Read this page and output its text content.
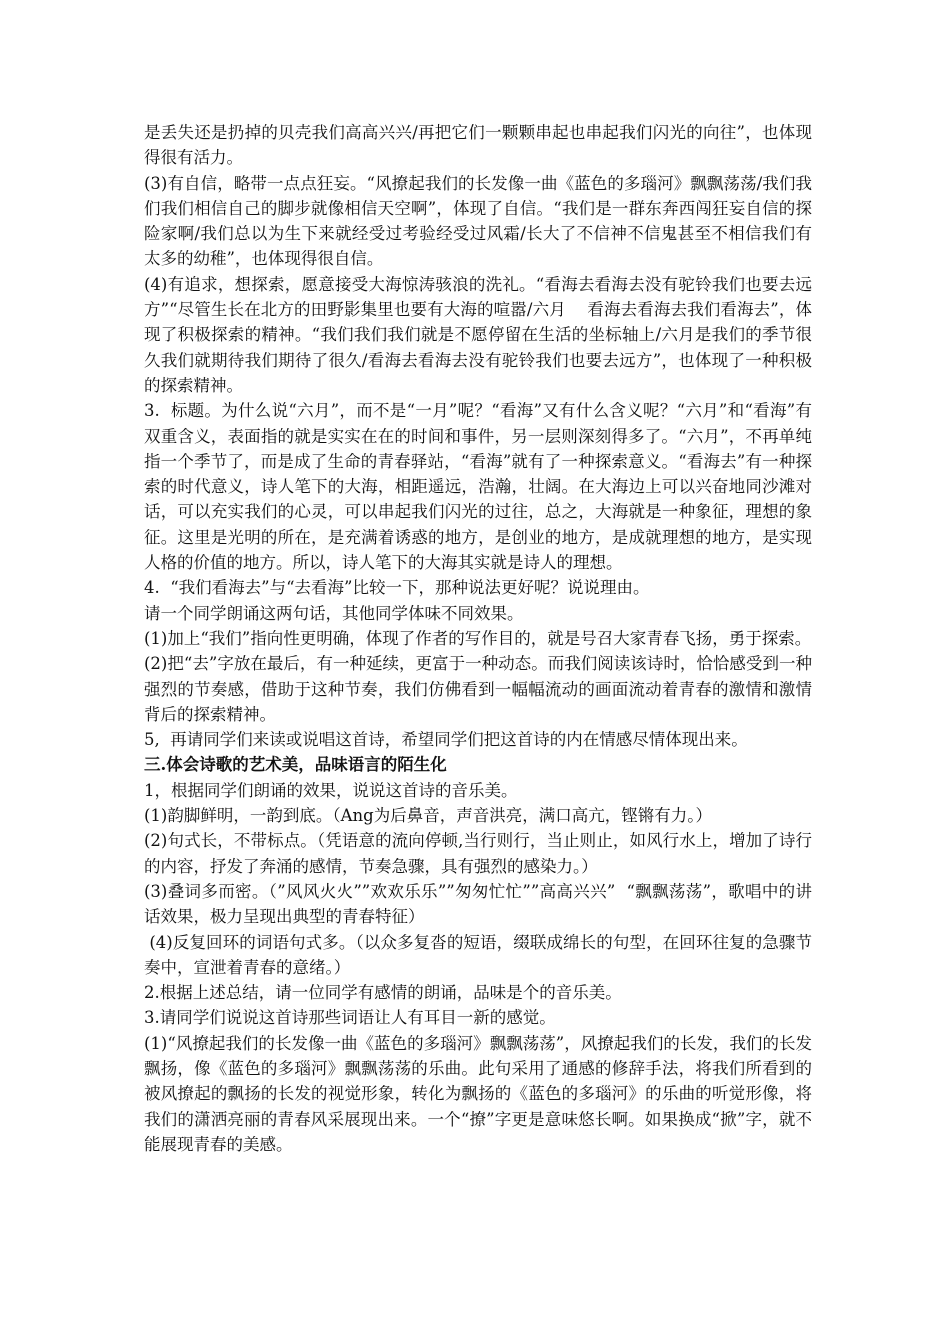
是丢失还是扔掉的贝壳我们高高兴兴/再把它们一颗颗串起也串起我们闪光的向往”，也体现得很有活力。

(3)有自信，略带一点点狂妄。“风撩起我们的长发像一曲《蓝色的多瑙河》飘飘荡荡/我们我们我们相信自己的脚步就像相信天空啊”，体现了自信。“我们是一群东奔西闯狂妄自信的探险家啊/我们总以为生下来就经受过考验经受过风霜/长大了不信神不信鬼甚至不相信我们有太多的幼稚”，也体现得很自信。

(4)有追求，想探索，愿意接受大海惊涛骇浪的洗礼。“看海去看海去没有驼铃我们也要去远方”“尽管生长在北方的田野影集里也要有大海的喧嚣/六月    看海去看海去我们看海去”，体现了积极探索的精神。“我们我们我们就是不愿停留在生活的坐标轴上/六月是我们的季节很久我们就期待我们期待了很久/看海去看海去没有驼铃我们也要去远方”，也体现了一种积极的探索精神。

3.  标题。为什么说“六月”，而不是“一月”呢？“看海”又有什么含义呢？“六月”和“看海”有双重含义，表面指的就是实实在在的时间和事件，另一层则深刻得多了。“六月”，不再单纯指一个季节了，而是成了生命的青春驿站，“看海”就有了一种探索意义。“看海去”有一种探索的时代意义，诗人笔下的大海，相距遥远，浩瀚，壮阔。在大海边上可以兴奋地同沙滩对话，可以充实我们的心灵，可以串起我们闪光的过往，总之，大海就是一种象征，理想的象征。这里是光明的所在，是充满着诱惑的地方，是创业的地方，是成就理想的地方，是实现人格的价值的地方。所以，诗人笔下的大海其实就是诗人的理想。

4.  “我们看海去”与“去看海”比较一下，那种说法更好呢？说说理由。

请一个同学朗诵这两句话，其他同学体味不同效果。

(1)加上“我们”指向性更明确，体现了作者的写作目的，就是号召大家青春飞扬，勇于探索。

(2)把“去”字放在最后，有一种延续，更富于一种动态。而我们阅读该诗时，恰恰感受到一种强烈的节奏感，借助于这种节奏，我们仿佛看到一幅幅流动的画面流动着青春的激情和激情背后的探索精神。

5,  再请同学们来读或说唱这首诗，希望同学们把这首诗的内在情感尽情体现出来。

三.体会诗歌的艺术美，品味语言的陌生化

1，根据同学们朗诵的效果，说说这首诗的音乐美。

(1)韵脚鲜明，一韵到底。（Ang为后鼻音，声音洪亮，满口高亢，铿锵有力。）

(2)句式长，不带标点。（凭语意的流向停顿,当行则行，当止则止，如风行水上，增加了诗行的内容，抒发了奔涌的感情，节奏急骤，具有强烈的感染力。）

(3)叠词多而密。（”风风火火””欢欢乐乐””匆匆忙忙””高高兴兴”  “飘飘荡荡”，歌唱中的讲话效果，极力呈现出典型的青春特征）

(4)反复回环的词语句式多。（以众多复沓的短语，缀联成绵长的句型，在回环往复的急骤节奏中，宣泄着青春的意绪。）

2.根据上述总结，请一位同学有感情的朗诵，品味是个的音乐美。

3.请同学们说说这首诗那些词语让人有耳目一新的感觉。

(1)“风撩起我们的长发像一曲《蓝色的多瑙河》飘飘荡荡”，风撩起我们的长发，我们的长发飘扬，像《蓝色的多瑙河》飘飘荡荡的乐曲。此句采用了通感的修辞手法，将我们所看到的被风撩起的飘扬的长发的视觉形象，转化为飘扬的《蓝色的多瑙河》的乐曲的听觉形像，将我们的潇洒亮丽的青春风采展现出来。一个“撩”字更是意味悠长啊。如果换成“掀”字，就不能展现青春的美感。
